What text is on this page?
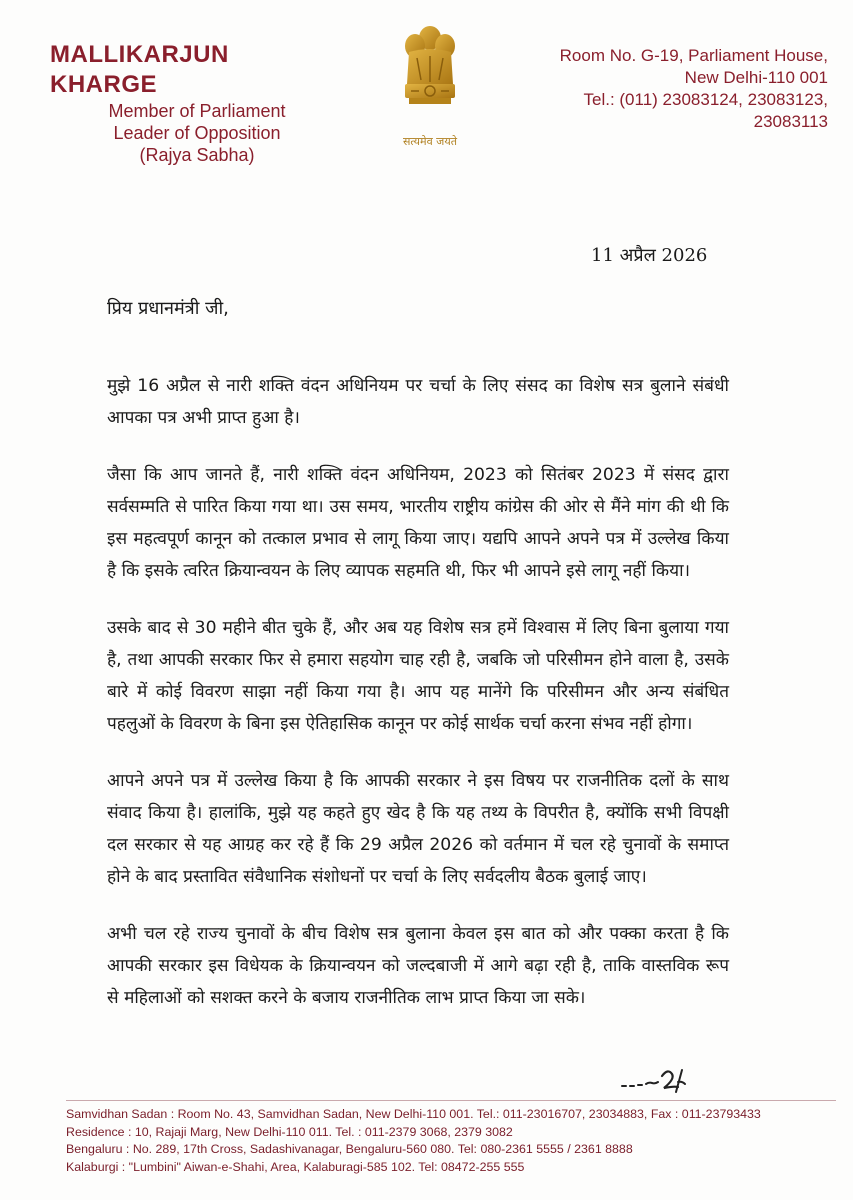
MALLIKARJUN KHARGE
Member of Parliament
Leader of Opposition
(Rajya Sabha)
सत्यमेव जयते
Room No. G-19, Parliament House,
New Delhi-110 001
Tel.: (011) 23083124, 23083123,
23083113
11 अप्रैल 2026
प्रिय प्रधानमंत्री जी,

मुझे 16 अप्रैल से नारी शक्ति वंदन अधिनियम पर चर्चा के लिए संसद का विशेष सत्र बुलाने संबंधी आपका पत्र अभी प्राप्त हुआ है।

जैसा कि आप जानते हैं, नारी शक्ति वंदन अधिनियम, 2023 को सितंबर 2023 में संसद द्वारा सर्वसम्मति से पारित किया गया था। उस समय, भारतीय राष्ट्रीय कांग्रेस की ओर से मैंने मांग की थी कि इस महत्वपूर्ण कानून को तत्काल प्रभाव से लागू किया जाए। यद्यपि आपने अपने पत्र में उल्लेख किया है कि इसके त्वरित क्रियान्वयन के लिए व्यापक सहमति थी, फिर भी आपने इसे लागू नहीं किया।

उसके बाद से 30 महीने बीत चुके हैं, और अब यह विशेष सत्र हमें विश्वास में लिए बिना बुलाया गया है, तथा आपकी सरकार फिर से हमारा सहयोग चाह रही है, जबकि जो परिसीमन होने वाला है, उसके बारे में कोई विवरण साझा नहीं किया गया है। आप यह मानेंगे कि परिसीमन और अन्य संबंधित पहलुओं के विवरण के बिना इस ऐतिहासिक कानून पर कोई सार्थक चर्चा करना संभव नहीं होगा।

आपने अपने पत्र में उल्लेख किया है कि आपकी सरकार ने इस विषय पर राजनीतिक दलों के साथ संवाद किया है। हालांकि, मुझे यह कहते हुए खेद है कि यह तथ्य के विपरीत है, क्योंकि सभी विपक्षी दल सरकार से यह आग्रह कर रहे हैं कि 29 अप्रैल 2026 को वर्तमान में चल रहे चुनावों के समाप्त होने के बाद प्रस्तावित संवैधानिक संशोधनों पर चर्चा के लिए सर्वदलीय बैठक बुलाई जाए।

अभी चल रहे राज्य चुनावों के बीच विशेष सत्र बुलाना केवल इस बात को और पक्का करता है कि आपकी सरकार इस विधेयक के क्रियान्वयन को जल्दबाजी में आगे बढ़ा रही है, ताकि वास्तविक रूप से महिलाओं को सशक्त करने के बजाय राजनीतिक लाभ प्राप्त किया जा सके।

Samvidhan Sadan : Room No. 43, Samvidhan Sadan, New Delhi-110 001. Tel.: 011-23016707, 23034883, Fax : 011-23793433
Residence : 10, Rajaji Marg, New Delhi-110 011. Tel. : 011-2379 3068, 2379 3082
Bengaluru : No. 289, 17th Cross, Sadashivanagar, Bengaluru-560 080. Tel: 080-2361 5555 / 2361 8888
Kalaburgi : "Lumbini" Aiwan-e-Shahi, Area, Kalaburagi-585 102. Tel: 08472-255 555
